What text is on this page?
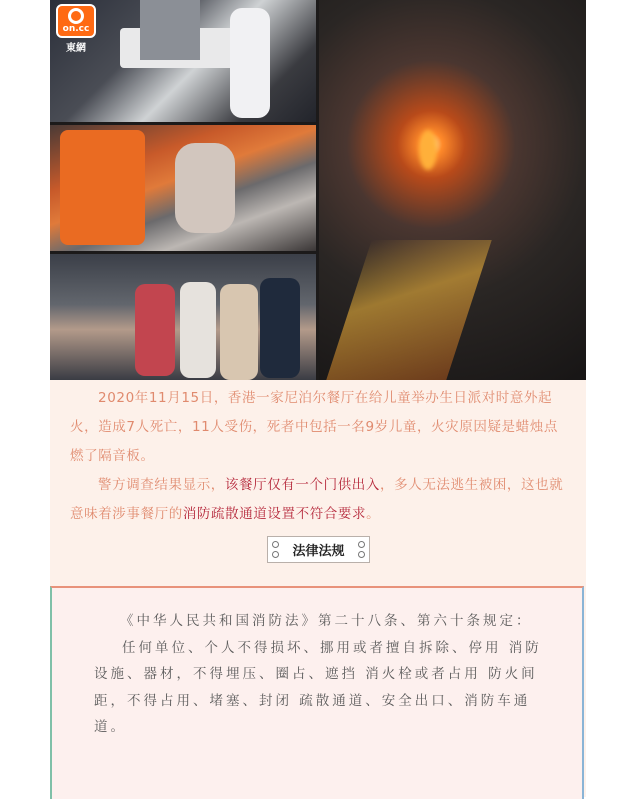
on.cc
東網

2020年11月15日，香港一家尼泊尔餐厅在给儿童举办生日派对时意外起火，造成7人死亡，11人受伤，死者中包括一名9岁儿童，火灾原因疑是蜡烛点燃了隔音板。

警方调查结果显示，该餐厅仅有一个门供出入，多人无法逃生被困，这也就意味着涉事餐厅的消防疏散通道设置不符合要求。

法律法规

《中华人民共和国消防法》第二十八条、第六十条规定：

任何单位、个人不得损坏、挪用或者擅自拆除、停用 消防设施、器材，不得埋压、圈占、遮挡 消火栓或者占用 防火间距，不得占用、堵塞、封闭 疏散通道、安全出口、消防车通道。
